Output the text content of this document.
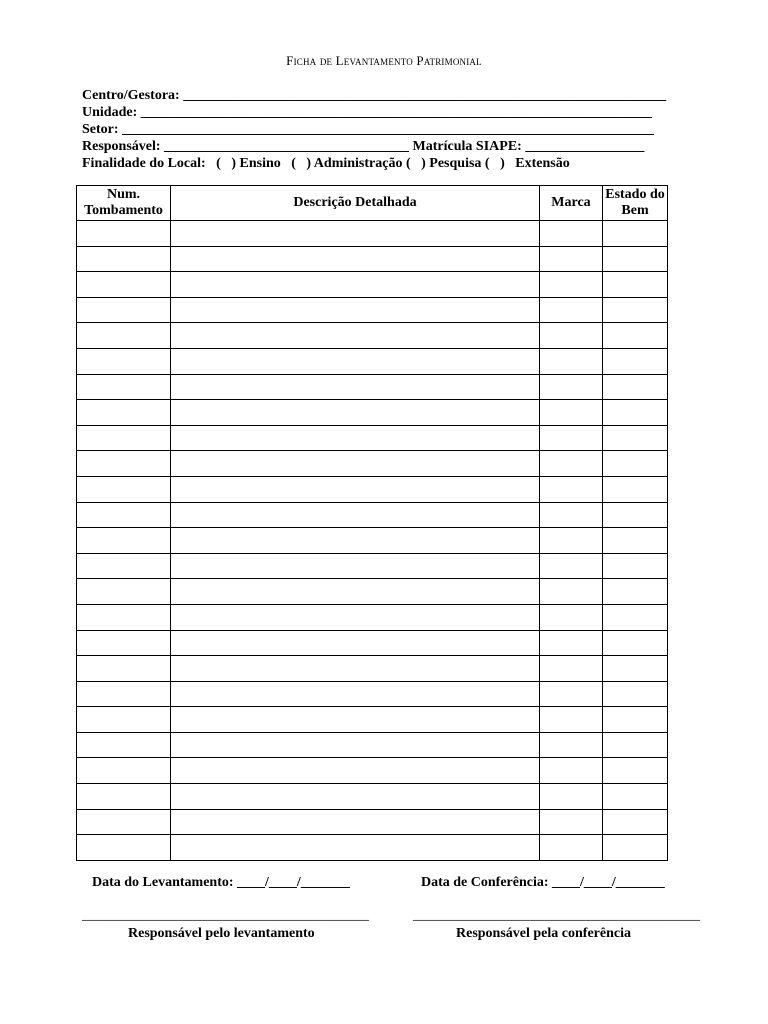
Ficha de Levantamento Patrimonial
Centro/Gestora: _____________________________________________________________________
Unidade: _________________________________________________________________________
Setor: ____________________________________________________________________________
Responsável: ___________________________________ Matrícula SIAPE: _________________
Finalidade do Local:   (   ) Ensino   (   ) Administração (   ) Pesquisa (   )   Extensão
Num. Tombamento	Descrição Detalhada	Marca	Estado do Bem

Data do Levantamento: ____/____/_______	Data de Conferência: ____/____/_______
_________________________________________	_________________________________________
Responsável pelo levantamento	Responsável pela conferência
